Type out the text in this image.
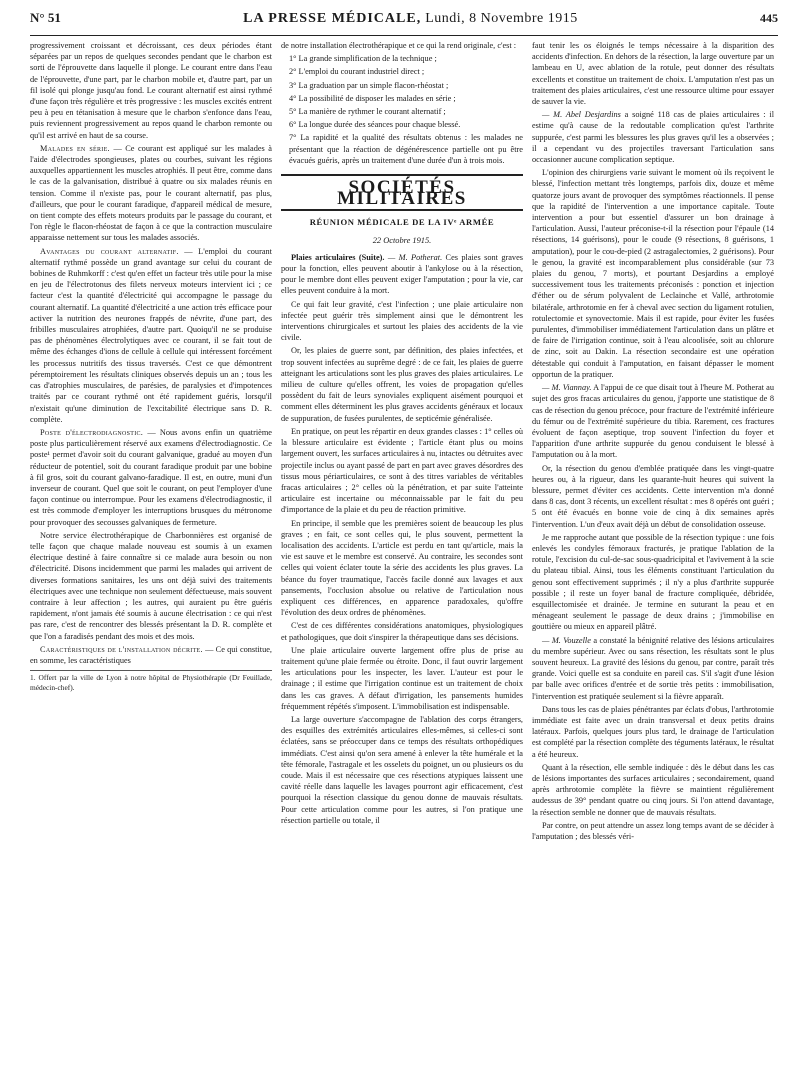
N° 51	LA PRESSE MÉDICALE, Lundi, 8 Novembre 1915	445

progressivement croissant et décroissant, ces deux périodes étant séparées par un repos de quelques secondes pendant que le charbon est sorti de l'éprouvette dans laquelle il plonge. Le courant entre dans l'eau de l'éprouvette, d'une part, par le charbon mobile et, d'autre part, par un fil isolé qui plonge jusqu'au fond. Le courant alternatif est ainsi rythmé d'une façon très régulière et très progressive : les muscles excités entrent peu à peu en tétanisation à mesure que le charbon s'enfonce dans l'eau, puis reviennent progressivement au repos quand le charbon remonte ou qu'il est arrivé en haut de sa course.

Malades en série. — Ce courant est appliqué sur les malades à l'aide d'électrodes spongieuses, plates ou courbes, suivant les régions auxquelles appartiennent les muscles atrophiés. Il peut être, comme dans le cas de la galvanisation, distribué à quatre ou six malades réunis en tension. Comme il n'existe pas, pour le courant alternatif, pas plus, d'ailleurs, que pour le courant faradique, d'appareil médical de mesure, on tient compte des effets moteurs produits par le passage du courant, et l'on règle le flacon-rhéostat de façon à ce que la contraction musculaire apparaisse nettement sur tous les malades associés.

Avantages du courant alternatif. — L'emploi du courant alternatif rythmé possède un grand avantage sur celui du courant de bobines de Ruhmkorff : c'est qu'en effet un facteur très utile pour la mise en jeu de l'électrotonus des filets nerveux moteurs intervient ici ; ce facteur c'est la quantité d'électricité qui accompagne le passage du courant alternatif. La quantité d'électricité a une action très efficace pour activer la nutrition des neurones frappés de névrite, d'une part, des fribilles musculaires atrophiées, d'autre part. Quoiqu'il ne se produise pas de phénomènes électrolytiques avec ce courant, il se fait tout de même des échanges d'ions de cellule à cellule qui intéressent forcément les processus nutritifs des tissus traversés. C'est ce que démontrent péremptoirement les résultats cliniques observés depuis un an ; tous les cas d'atrophies musculaires, de parésies, de paralysies et d'impotences traités par ce courant rythmé ont été rapidement guéris, lorsqu'il n'existait qu'une diminution de l'excitabilité électrique sans D. R. complète.

Poste d'électrodiagnostic. — Nous avons enfin un quatrième poste plus particulièrement réservé aux examens d'électrodiagnostic. Ce poste¹ permet d'avoir soit du courant galvanique, gradué au moyen d'un réducteur de potentiel, soit du courant faradique produit par une bobine à fil gros, soit du courant galvano-faradique. Il est, en outre, muni d'un inverseur de courant. Quel que soit le courant, on peut l'employer d'une façon continue ou interrompue. Pour les examens d'électrodiagnostic, il est très commode d'employer les interruptions brusques du métronome pour provoquer des secousses galvaniques de fermeture.

Notre service électrothérapique de Charbonnières est organisé de telle façon que chaque malade nouveau est soumis à un examen électrique destiné à faire connaître si ce malade aura besoin ou non d'électricité. Disons incidemment que parmi les malades qui arrivent de diverses formations sanitaires, les uns ont déjà suivi des traitements électriques avec une technique non seulement défectueuse, mais souvent contraire à leur affection ; les autres, qui auraient pu être guéris rapidement, n'ont jamais été soumis à aucune électrisation : ce qui n'est pas rare, c'est de rencontrer des blessés présentant la D. R. complète et que l'on a faradisés pendant des mois et des mois.

Caractéristiques de l'installation décrite. — Ce qui constitue, en somme, les caractéristiques

1. Offert par la ville de Lyon à notre hôpital de Physiothérapie (Dr Feuillade, médecin-chef).

de notre installation électrothérapique et ce qui la rend originale, c'est :

1° La grande simplification de la technique ;

2° L'emploi du courant industriel direct ;

3° La graduation par un simple flacon-rhéostat ;

4° La possibilité de disposer les malades en série ;

5° La manière de rythmer le courant alternatif ;

6° La longue durée des séances pour chaque blessé.

7° La rapidité et la qualité des résultats obtenus : les malades ne présentant que la réaction de dégénérescence partielle ont pu être évacués guéris, après un traitement d'une durée d'un à trois mois.

SOCIÉTÉS MILITAIRES
RÉUNION MÉDICALE DE LA IVᵉ ARMÉE
22 Octobre 1915.

Plaies articulaires (Suite). — M. Potherat. Ces plaies sont graves pour la fonction, elles peuvent aboutir à l'ankylose ou à la résection, pour le membre dont elles peuvent exiger l'amputation ; pour la vie, car elles peuvent conduire à la mort.

Ce qui fait leur gravité, c'est l'infection ; une plaie articulaire non infectée peut guérir très simplement ainsi que le démontrent les interventions chirurgicales et surtout les plaies des accidents de la vie civile.

Or, les plaies de guerre sont, par définition, des plaies infectées, et trop souvent infectées au suprême degré : de ce fait, les plaies de guerre atteignant les articulations sont les plus graves des plaies articulaires. Le milieu de culture qu'elles offrent, les voies de propagation qu'elles possèdent du fait de leurs synoviales expliquent aisément pourquoi et comment elles déterminent les plus graves accidents généraux et locaux de suppuration, de fusées purulentes, de septicémie généralisée.

En pratique, on peut les répartir en deux grandes classes : 1° celles où la blessure articulaire est évidente ; l'article étant plus ou moins largement ouvert, les surfaces articulaires à nu, intactes ou détruites avec projectile inclus ou ayant passé de part en part avec graves désordres des tissus mous périarticulaires, ce sont à des titres variables de véritables fracas articulaires ; 2° celles où la pénétration, et par suite l'atteinte articulaire est incertaine ou méconnaissable par le fait du peu d'importance de la plaie et du peu de réaction primitive.

En principe, il semble que les premières soient de beaucoup les plus graves ; en fait, ce sont celles qui, le plus souvent, permettent la localisation des accidents. L'article est perdu en tant qu'article, mais la vie est sauve et le membre est conservé. Au contraire, les secondes sont celles qui voient éclater toute la série des accidents les plus graves. La béance du foyer traumatique, l'accès facile donné aux lavages et aux pansements, l'occlusion absolue ou relative de l'articulation nous expliquent ces différences, en apparence paradoxales, qu'offre l'évolution des deux ordres de phénomènes.

C'est de ces différentes considérations anatomiques, physiologiques et pathologiques, que doit s'inspirer la thérapeutique dans ses décisions.

Une plaie articulaire ouverte largement offre plus de prise au traitement qu'une plaie fermée ou étroite. Donc, il faut ouvrir largement les articulations pour les inspecter, les laver. L'auteur est pour le drainage ; il estime que l'irrigation continue est un traitement de choix dans les cas graves. A défaut d'irrigation, les pansements humides fréquemment répétés s'imposent. L'immobilisation est indispensable.

La large ouverture s'accompagne de l'ablation des corps étrangers, des esquilles des extrémités articulaires elles-mêmes, si celles-ci sont éclatées, sans se préoccuper dans ce temps des résultats orthopédiques immédiats. C'est ainsi qu'on sera amené à enlever la tête humérale et la tête fémorale, l'astragale et les osselets du poignet, un ou plusieurs os du coude. Mais il est nécessaire que ces résections atypiques laissent une cavité réelle dans laquelle les lavages pourront agir efficacement, c'est pourquoi la résection classique du genou donne de mauvais résultats. Pour cette articulation comme pour les autres, si l'on pratique une résection partielle ou totale, il

faut tenir les os éloignés le temps nécessaire à la disparition des accidents d'infection. En dehors de la résection, la large ouverture par un lambeau en U, avec ablation de la rotule, peut donner des résultats excellents et constitue un traitement de choix. L'amputation n'est pas un traitement des plaies articulaires, c'est une ressource ultime pour essayer de sauver la vie.

— M. Abel Desjardins a soigné 118 cas de plaies articulaires : il estime qu'à cause de la redoutable complication qu'est l'arthrite suppurée, c'est parmi les blessures les plus graves qu'il les a observées ; il a cependant vu des projectiles traversant l'articulation sans occasionner aucune complication septique.

L'opinion des chirurgiens varie suivant le moment où ils reçoivent le blessé, l'infection mettant très longtemps, parfois dix, douze et même quatorze jours avant de provoquer des symptômes réactionnels. Il pense que la rapidité de l'intervention a une importance capitale. Toute intervention a pour but essentiel d'assurer un bon drainage à l'articulation. Aussi, l'auteur préconise-t-il la résection pour l'épaule (14 résections, 14 guérisons), pour le coude (9 résections, 8 guérisons, 1 amputation), pour le cou-de-pied (2 astragalectomies, 2 guérisons). Pour le genou, la gravité est incomparablement plus considérable (sur 73 plaies du genou, 7 morts), et pourtant Desjardins a employé successivement tous les traitements préconisés : ponction et injection d'éther ou de sérum polyvalent de Leclainche et Vallé, arthrotomie bilatérale, arthrotomie en fer à cheval avec section du ligament rotulien, rotulectomie et synovectomie. Mais il est rapide, pour éviter les fusées purulentes, d'immobiliser immédiatement l'articulation dans un plâtre et de faire de l'irrigation continue, soit à l'eau alcoolisée, soit au chlorure de zinc, soit au Dakin. La résection secondaire est une opération détestable qui conduit à l'amputation, en faisant dépasser le moment opportun de la pratiquer.

— M. Viannay. A l'appui de ce que disait tout à l'heure M. Potherat au sujet des gros fracas articulaires du genou, j'apporte une statistique de 8 cas de résection du genou précoce, pour fracture de l'extrémité inférieure du fémur ou de l'extrémité supérieure du tibia. Rarement, ces fractures évoluent de façon aseptique, trop souvent l'infection du foyer et l'apparition d'une arthrite suppurée du genou conduisent le blessé à l'amputation ou à la mort.

Or, la résection du genou d'emblée pratiquée dans les vingt-quatre heures ou, à la rigueur, dans les quarante-huit heures qui suivent la blessure, permet d'éviter ces accidents. Cette intervention m'a donné dans 8 cas, dont 3 récents, un excellent résultat : mes 8 opérés ont guéri ; 5 ont été évacués en bonne voie de cinq à dix semaines après l'intervention. L'un d'eux avait déjà un début de consolidation osseuse.

Je me rapproche autant que possible de la résection typique : une fois enlevés les condyles fémoraux fracturés, je pratique l'ablation de la rotule, l'excision du cul-de-sac sous-quadricipital et l'avivement à la scie du plateau tibial. Ainsi, tous les éléments constituant l'articulation du genou sont effectivement supprimés ; il n'y a plus d'arthrite suppurée possible ; il reste un foyer banal de fracture compliquée, débridée, esquillectomisée et drainée. Je termine en suturant la peau et en ménageant seulement le passage de deux drains ; j'immobilise en gouttière ou mieux en appareil plâtré.

— M. Vouzelle a constaté la bénignité relative des lésions articulaires du membre supérieur. Avec ou sans résection, les résultats sont le plus souvent heureux. La gravité des lésions du genou, par contre, paraît très grande. Voici quelle est sa conduite en pareil cas. S'il s'agit d'une lésion par balle avec orifices d'entrée et de sortie très petits : immobilisation, l'intervention est pratiquée seulement si la fièvre apparaît.

Dans tous les cas de plaies pénétrantes par éclats d'obus, l'arthrotomie immédiate est faite avec un drain transversal et deux petits drains latéraux. Parfois, quelques jours plus tard, le drainage de l'articulation est complété par la résection complète des téguments latéraux, le résultat a été heureux.

Quant à la résection, elle semble indiquée : dès le début dans les cas de lésions importantes des surfaces articulaires ; secondairement, quand après arthrotomie complète la fièvre se maintient régulièrement audessus de 39° pendant quatre ou cinq jours. Si l'on attend davantage, la résection semble ne donner que de mauvais résultats.

Par contre, on peut attendre un assez long temps avant de se décider à l'amputation ; des blessés véri-
